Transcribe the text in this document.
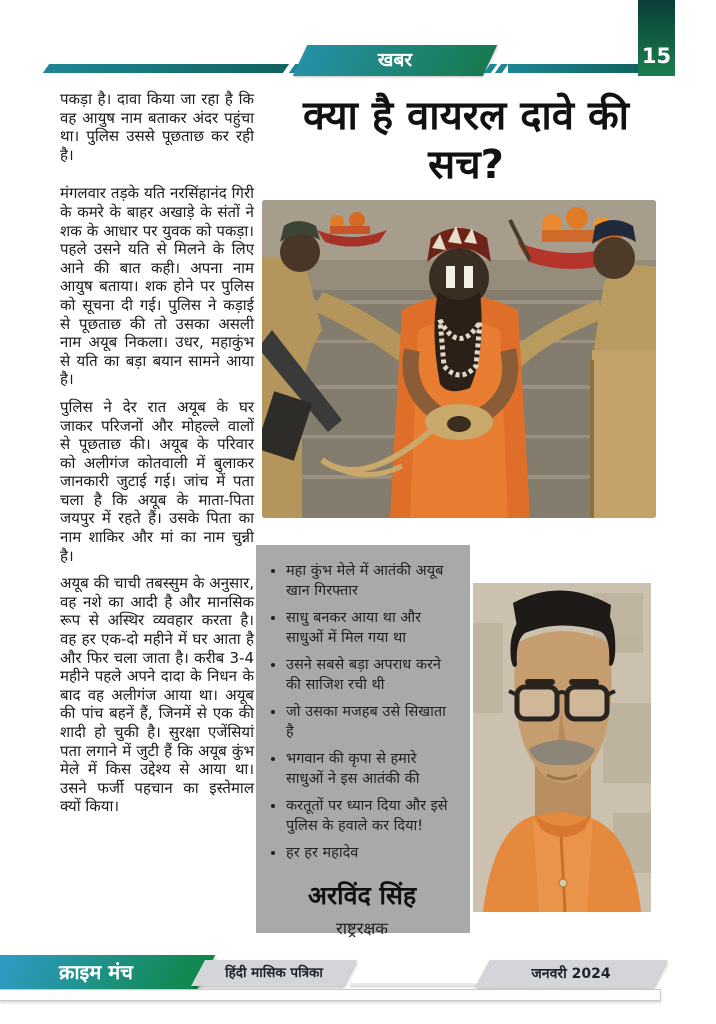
खबर	15

पकड़ा है। दावा किया जा रहा है कि वह आयुष नाम बताकर अंदर पहुंचा था। पुलिस उससे पूछताछ कर रही है।

मंगलवार तड़के यति नरसिंहानंद गिरी के कमरे के बाहर अखाड़े के संतों ने शक के आधार पर युवक को पकड़ा। पहले उसने यति से मिलने के लिए आने की बात कही। अपना नाम आयुष बताया। शक होने पर पुलिस को सूचना दी गई। पुलिस ने कड़ाई से पूछताछ की तो उसका असली नाम अयूब निकला। उधर, महाकुंभ से यति का बड़ा बयान सामने आया है।

पुलिस ने देर रात अयूब के घर जाकर परिजनों और मोहल्ले वालों से पूछताछ की। अयूब के परिवार को अलीगंज कोतवाली में बुलाकर जानकारी जुटाई गई। जांच में पता चला है कि अयूब के माता-पिता जयपुर में रहते हैं। उसके पिता का नाम शाकिर और मां का नाम चुन्नी है।

अयूब की चाची तबस्सुम के अनुसार, वह नशे का आदी है और मानसिक रूप से अस्थिर व्यवहार करता है। वह हर एक-दो महीने में घर आता है और फिर चला जाता है। करीब 3-4 महीने पहले अपने दादा के निधन के बाद वह अलीगंज आया था। अयूब की पांच बहनें हैं, जिनमें से एक की शादी हो चुकी है। सुरक्षा एजेंसियां पता लगाने में जुटी हैं कि अयूब कुंभ मेले में किस उद्देश्य से आया था। उसने फर्जी पहचान का इस्तेमाल क्यों किया।

क्या है वायरल दावे की सच?
• महा कुंभ मेले में आतंकी अयूब खान गिरफ्तार
• साधु बनकर आया था और साधुओं में मिल गया था
• उसने सबसे बड़ा अपराध करने की साजिश रची थी
• जो उसका मजहब उसे सिखाता है
• भगवान की कृपा से हमारे साधुओं ने इस आतंकी की
• करतूतों पर ध्यान दिया और इसे पुलिस के हवाले कर दिया!
• हर हर महादेव
अरविंद सिंह
राष्ट्ररक्षक
क्राइम मंच	हिंदी मासिक पत्रिका	जनवरी 2024
